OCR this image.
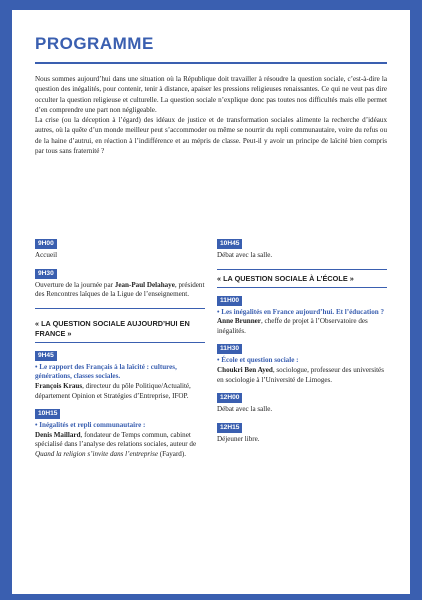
PROGRAMME

Nous sommes aujourd’hui dans une situation où la République doit travailler à résoudre la question sociale, c’est-à-dire la question des inégalités, pour contenir, tenir à distance, apaiser les pressions religieuses renaissantes. Ce qui ne veut pas dire occulter la question religieuse et culturelle. La question sociale n’explique donc pas toutes nos difficultés mais elle permet d’en comprendre une part non négligeable.

La crise (ou la déception à l’égard) des idéaux de justice et de transformation sociales alimente la recherche d’idéaux autres, où la quête d’un monde meilleur peut s’accommoder ou même se nourrir du repli communautaire, voire du refus ou de la haine d’autrui, en réaction à l’indifférence et au mépris de classe. Peut-il y avoir un principe de laïcité bien compris par tous sans fraternité ?

9H00
Accueil
9H30
Ouverture de la journée par Jean-Paul Delahaye, président des Rencontres laïques de la Ligue de l’enseignement.
« LA QUESTION SOCIALE AUJOURD’HUI EN FRANCE »
9H45
• Le rapport des Français à la laïcité : cultures, générations, classes sociales.
François Kraus, directeur du pôle Politique/Actualité, département Opinion et Stratégies d’Entreprise, IFOP.
10H15
• Inégalités et repli communautaire :
Denis Maillard, fondateur de Temps commun, cabinet spécialisé dans l’analyse des relations sociales, auteur de Quand la religion s’invite dans l’entreprise (Fayard).
10H45
Débat avec la salle.
« LA QUESTION SOCIALE À L’ÉCOLE »
11H00
• Les inégalités en France aujourd’hui. Et l’éducation ? Anne Brunner, cheffe de projet à l’Observatoire des inégalités.
11H30
• École et question sociale :
Choukri Ben Ayed, sociologue, professeur des universités en sociologie à l’Université de Limoges.
12H00
Débat avec la salle.
12H15
Déjeuner libre.
